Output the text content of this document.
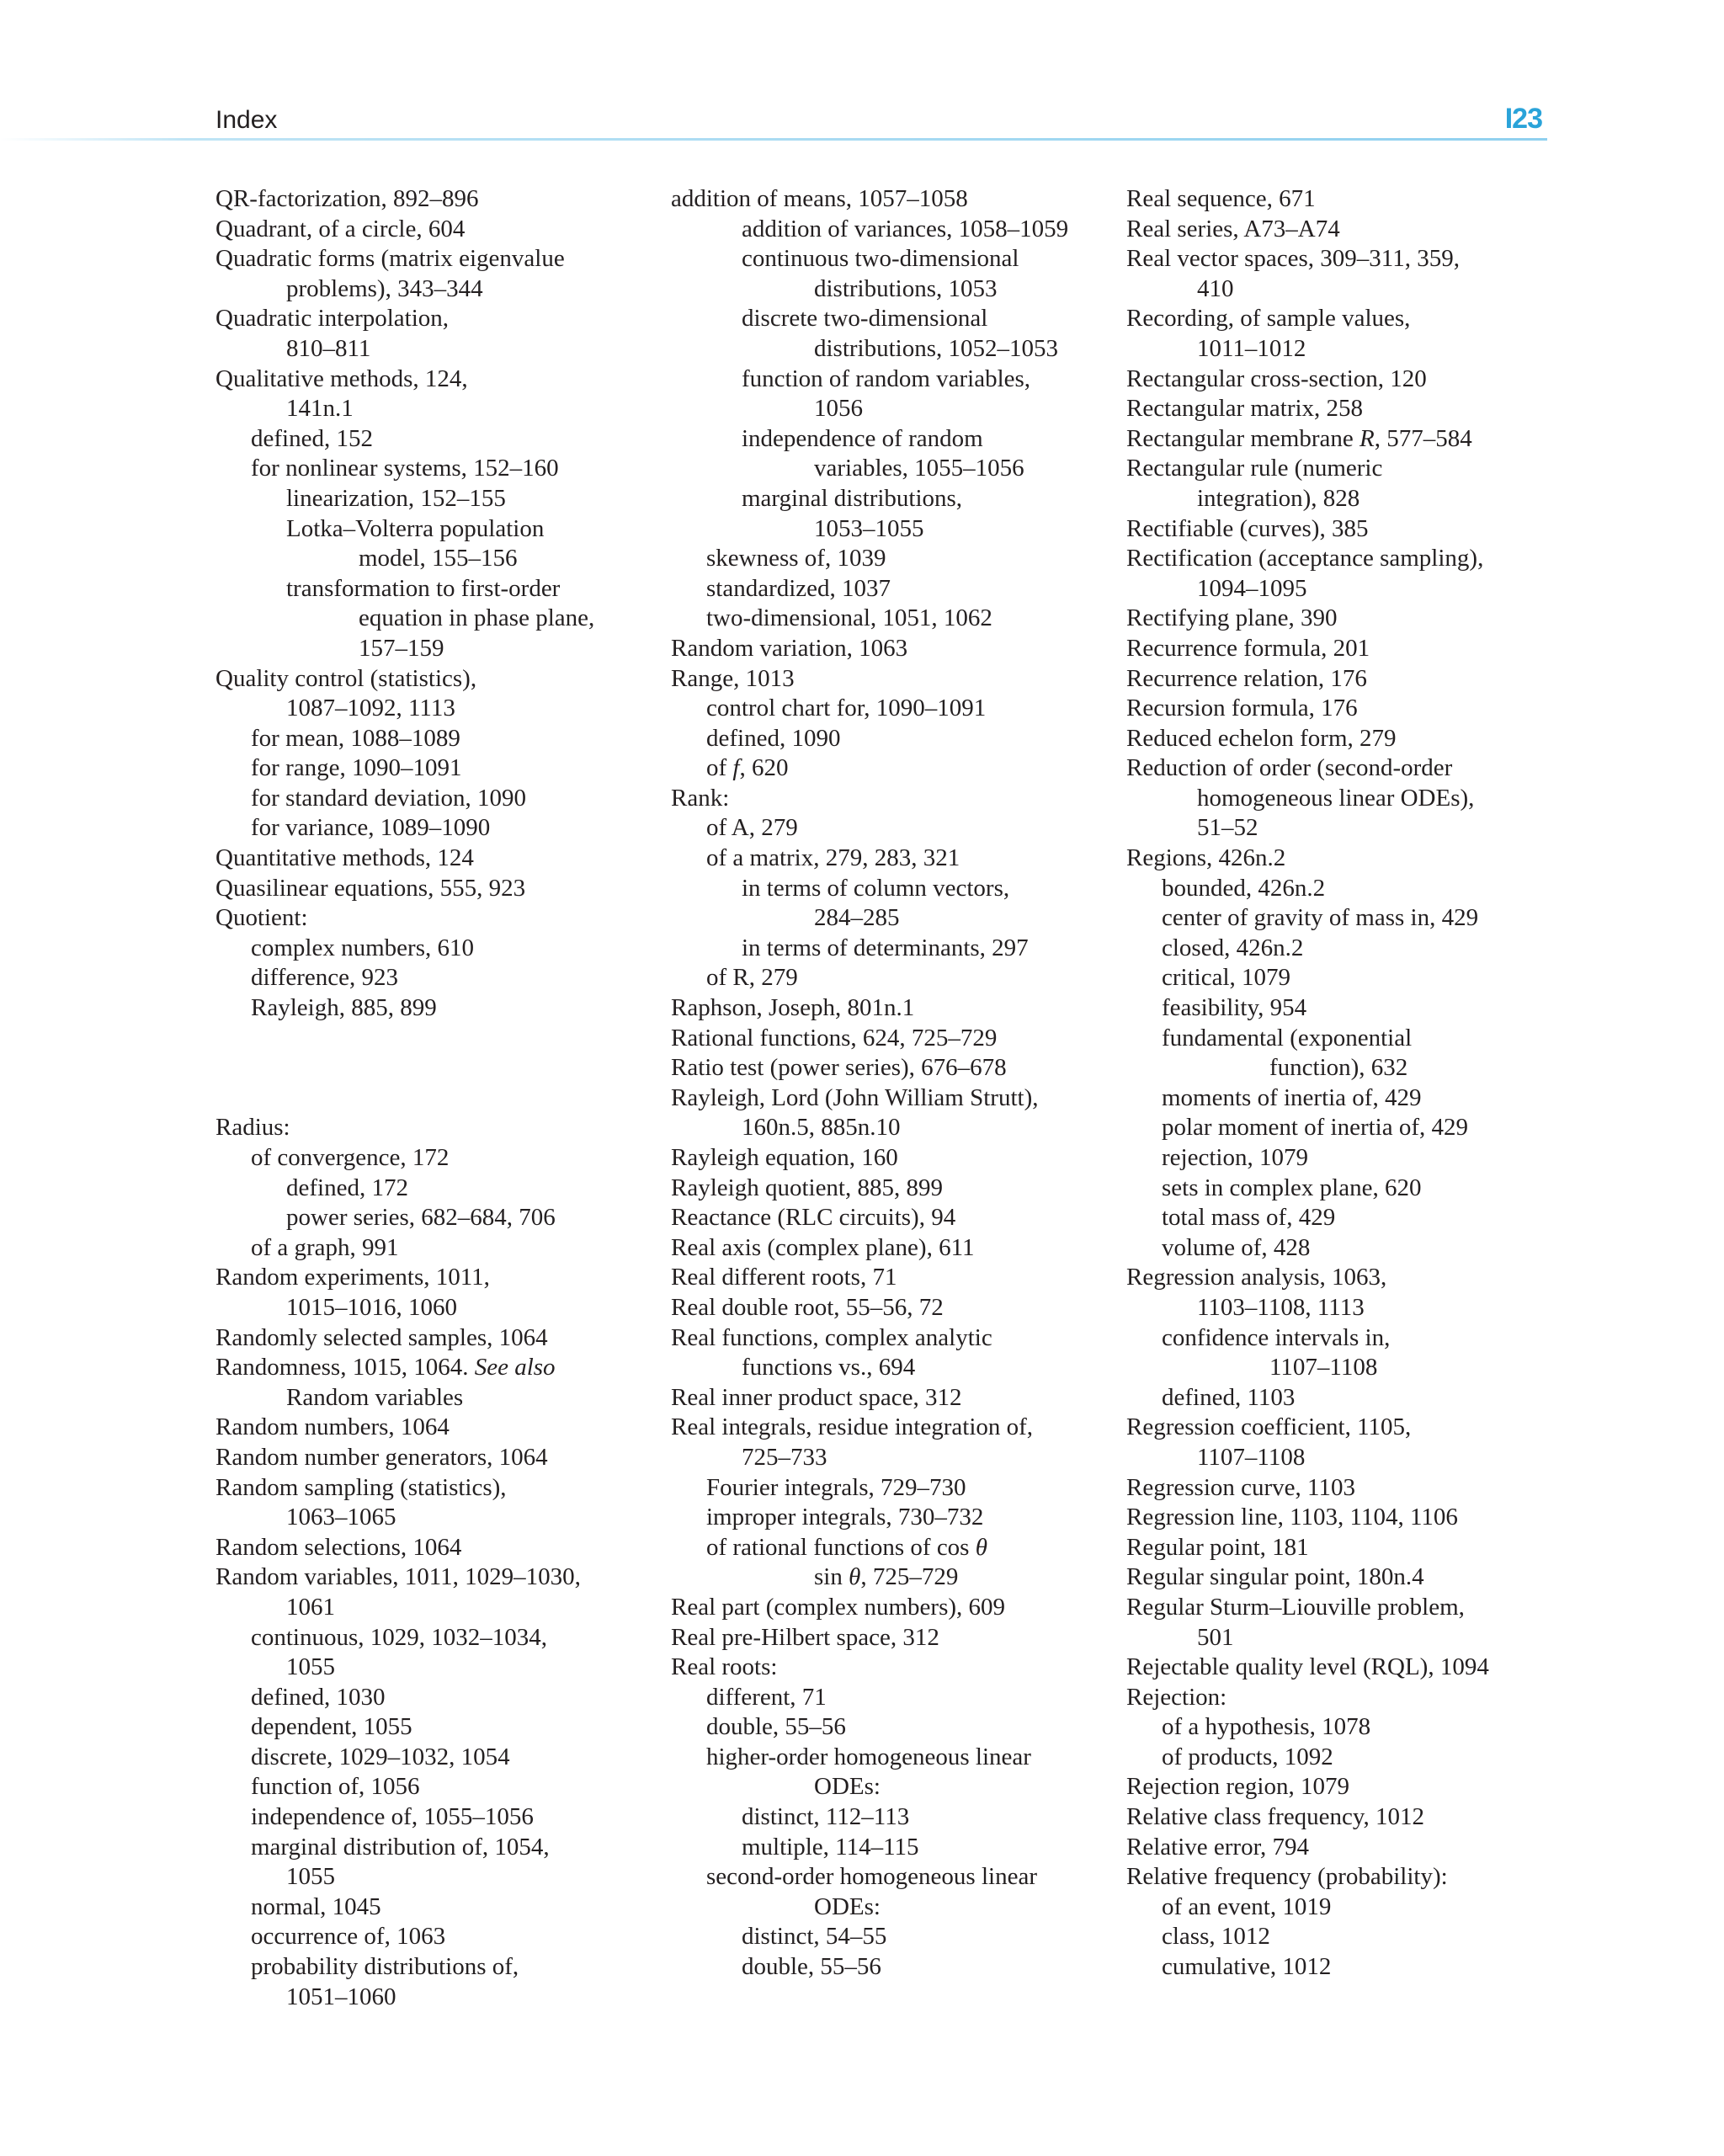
Index	I23
QR-factorization, 892–896
Quadrant, of a circle, 604
Quadratic forms (matrix eigenvalue
problems), 343–344
Quadratic interpolation,
810–811
Qualitative methods, 124,
141n.1
defined, 152
for nonlinear systems, 152–160
linearization, 152–155
Lotka–Volterra population
model, 155–156
transformation to first-order
equation in phase plane,
157–159
Quality control (statistics),
1087–1092, 1113
for mean, 1088–1089
for range, 1090–1091
for standard deviation, 1090
for variance, 1089–1090
Quantitative methods, 124
Quasilinear equations, 555, 923
Quotient:
complex numbers, 610
difference, 923
Rayleigh, 885, 899
Radius:
of convergence, 172
defined, 172
power series, 682–684, 706
of a graph, 991
Random experiments, 1011,
1015–1016, 1060
Randomly selected samples, 1064
Randomness, 1015, 1064. See also
Random variables
Random numbers, 1064
Random number generators, 1064
Random sampling (statistics),
1063–1065
Random selections, 1064
Random variables, 1011, 1029–1030,
1061
continuous, 1029, 1032–1034,
1055
defined, 1030
dependent, 1055
discrete, 1029–1032, 1054
function of, 1056
independence of, 1055–1056
marginal distribution of, 1054,
1055
normal, 1045
occurrence of, 1063
probability distributions of,
1051–1060
addition of means, 1057–1058
addition of variances, 1058–1059
continuous two-dimensional
distributions, 1053
discrete two-dimensional
distributions, 1052–1053
function of random variables,
1056
independence of random
variables, 1055–1056
marginal distributions,
1053–1055
skewness of, 1039
standardized, 1037
two-dimensional, 1051, 1062
Random variation, 1063
Range, 1013
control chart for, 1090–1091
defined, 1090
of f, 620
Rank:
of A, 279
of a matrix, 279, 283, 321
in terms of column vectors,
284–285
in terms of determinants, 297
of R, 279
Raphson, Joseph, 801n.1
Rational functions, 624, 725–729
Ratio test (power series), 676–678
Rayleigh, Lord (John William Strutt),
160n.5, 885n.10
Rayleigh equation, 160
Rayleigh quotient, 885, 899
Reactance (RLC circuits), 94
Real axis (complex plane), 611
Real different roots, 71
Real double root, 55–56, 72
Real functions, complex analytic
functions vs., 694
Real inner product space, 312
Real integrals, residue integration of,
725–733
Fourier integrals, 729–730
improper integrals, 730–732
of rational functions of cos θ
sin θ, 725–729
Real part (complex numbers), 609
Real pre-Hilbert space, 312
Real roots:
different, 71
double, 55–56
higher-order homogeneous linear
ODEs:
distinct, 112–113
multiple, 114–115
second-order homogeneous linear
ODEs:
distinct, 54–55
double, 55–56
Real sequence, 671
Real series, A73–A74
Real vector spaces, 309–311, 359,
410
Recording, of sample values,
1011–1012
Rectangular cross-section, 120
Rectangular matrix, 258
Rectangular membrane R, 577–584
Rectangular rule (numeric
integration), 828
Rectifiable (curves), 385
Rectification (acceptance sampling),
1094–1095
Rectifying plane, 390
Recurrence formula, 201
Recurrence relation, 176
Recursion formula, 176
Reduced echelon form, 279
Reduction of order (second-order
homogeneous linear ODEs),
51–52
Regions, 426n.2
bounded, 426n.2
center of gravity of mass in, 429
closed, 426n.2
critical, 1079
feasibility, 954
fundamental (exponential
function), 632
moments of inertia of, 429
polar moment of inertia of, 429
rejection, 1079
sets in complex plane, 620
total mass of, 429
volume of, 428
Regression analysis, 1063,
1103–1108, 1113
confidence intervals in,
1107–1108
defined, 1103
Regression coefficient, 1105,
1107–1108
Regression curve, 1103
Regression line, 1103, 1104, 1106
Regular point, 181
Regular singular point, 180n.4
Regular Sturm–Liouville problem,
501
Rejectable quality level (RQL), 1094
Rejection:
of a hypothesis, 1078
of products, 1092
Rejection region, 1079
Relative class frequency, 1012
Relative error, 794
Relative frequency (probability):
of an event, 1019
class, 1012
cumulative, 1012
